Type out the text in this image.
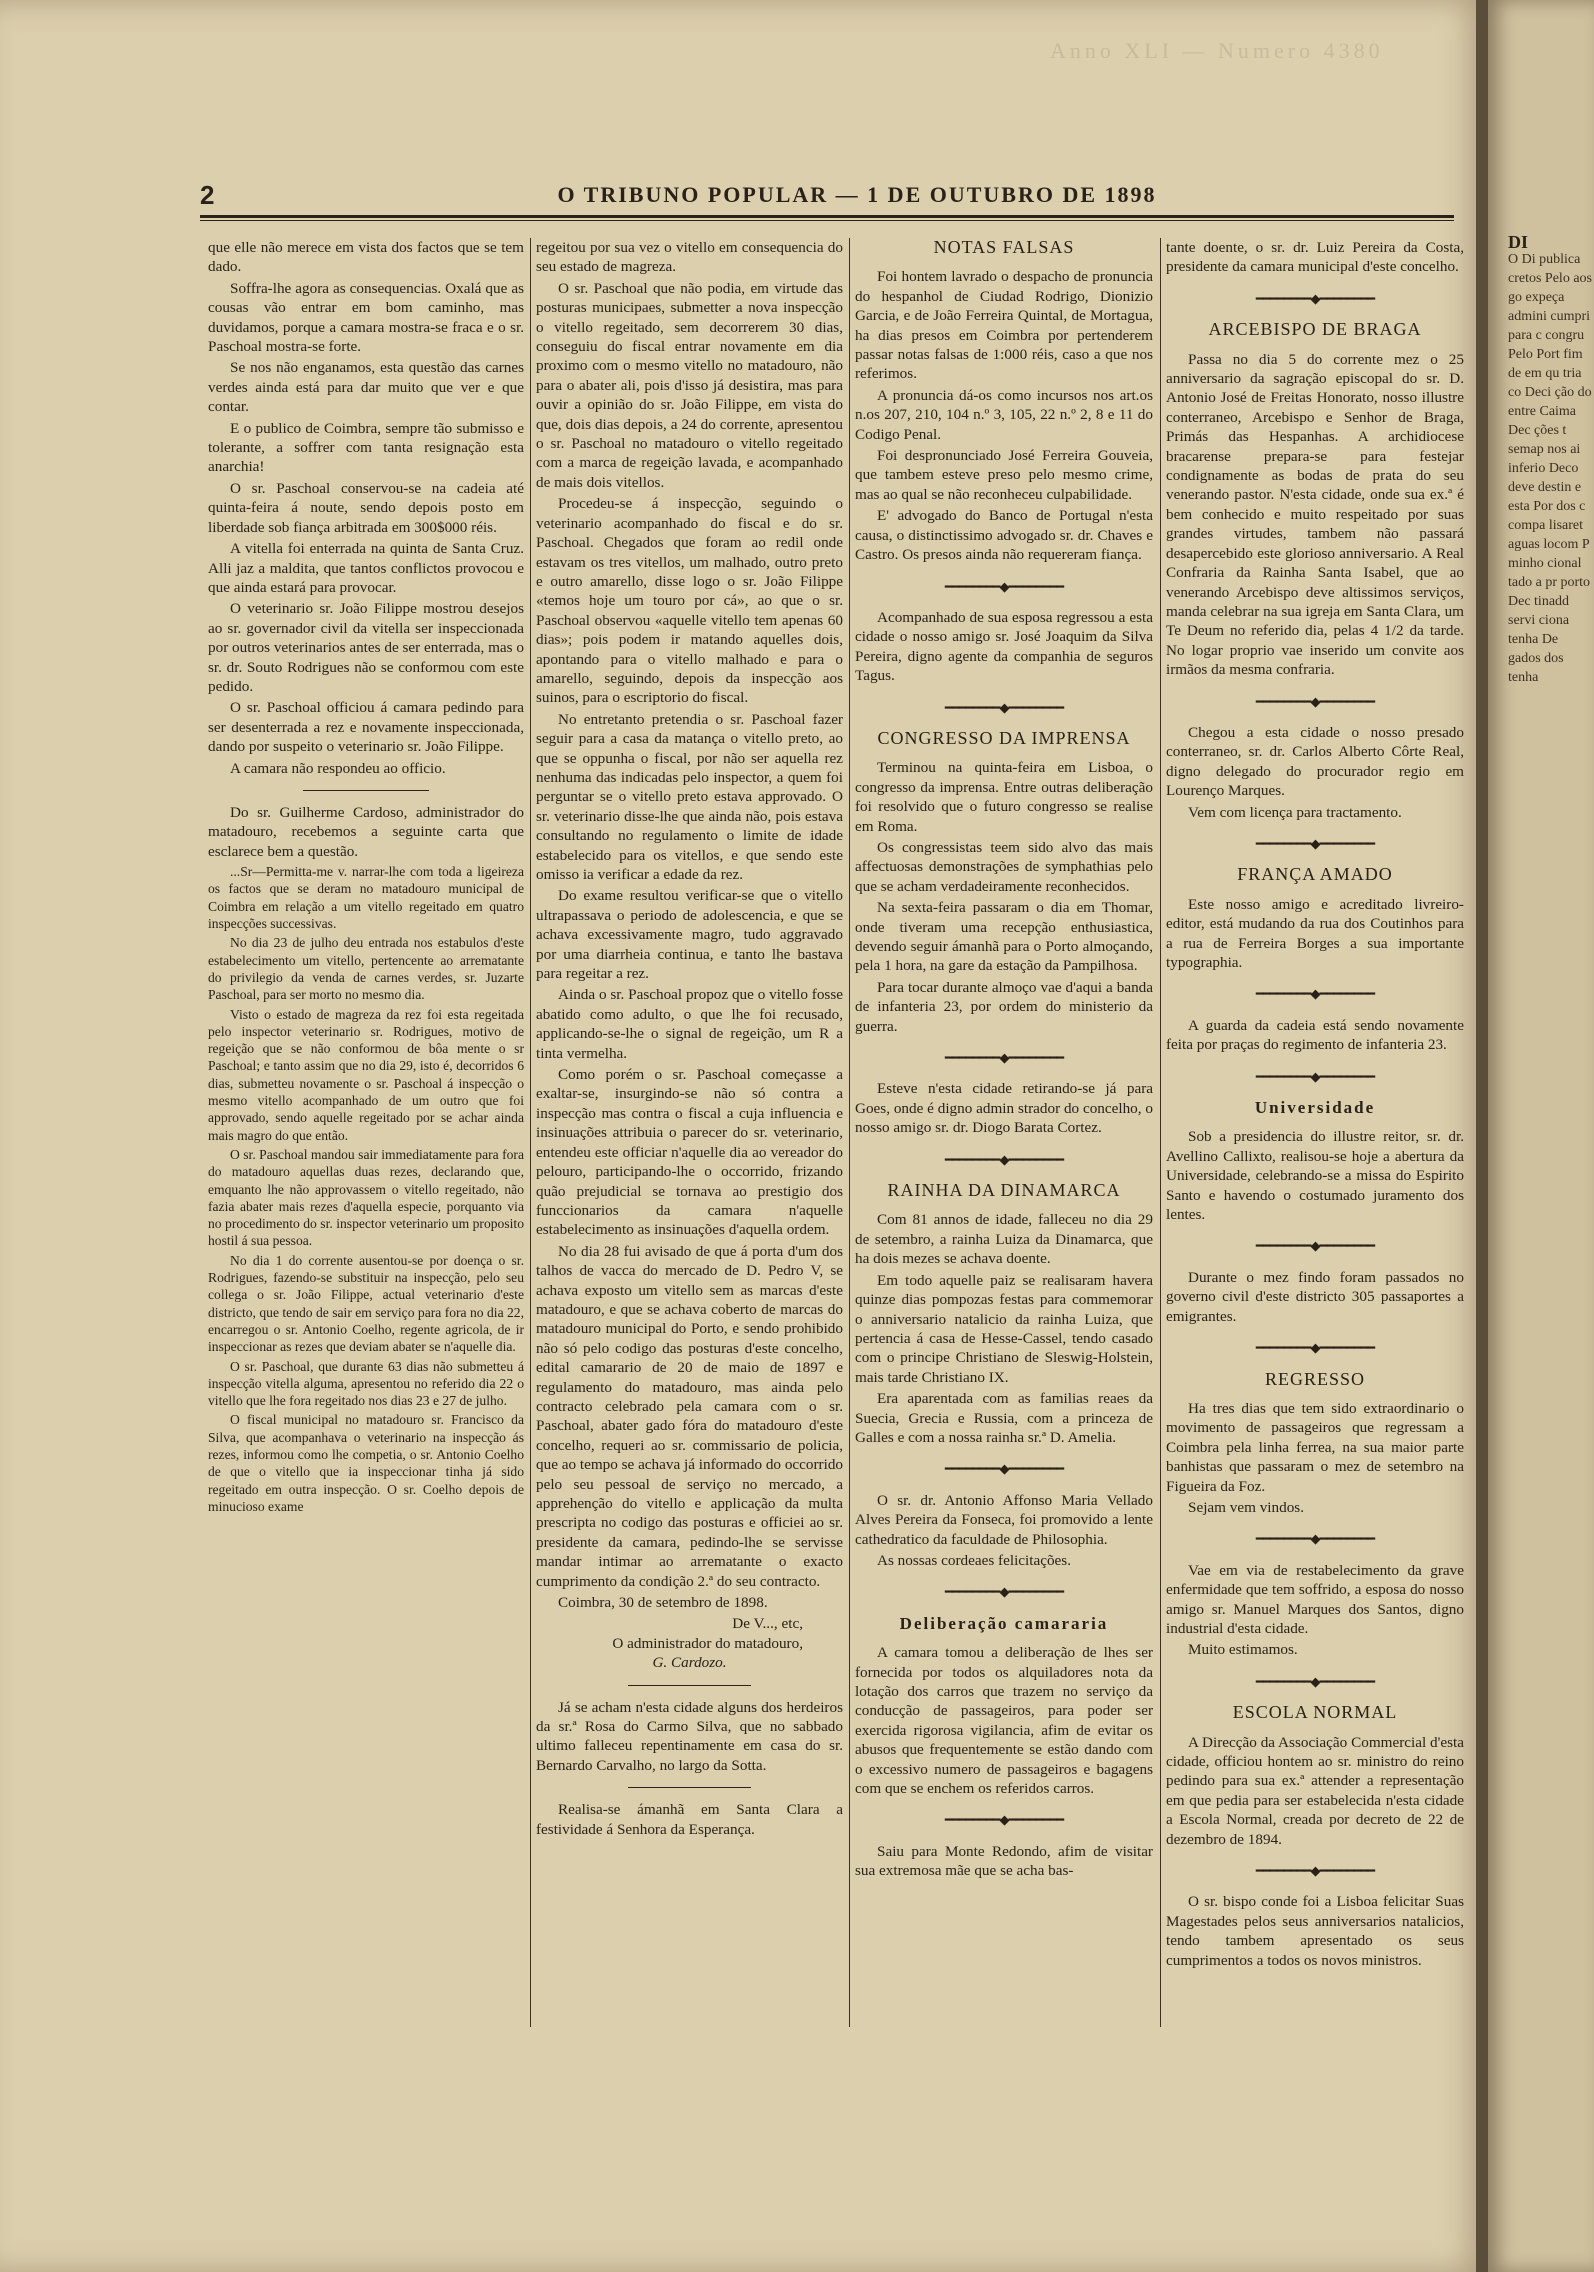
Anno XLI — Numero 4380
2	O TRIBUNO POPULAR — 1 DE OUTUBRO DE 1898

que elle não merece em vista dos factos que se tem dado.

Soffra-lhe agora as consequencias. Oxalá que as cousas vão entrar em bom caminho, mas duvidamos, porque a camara mostra-se fraca e o sr. Paschoal mostra-se forte.

Se nos não enganamos, esta questão das carnes verdes ainda está para dar muito que ver e que contar.

E o publico de Coimbra, sempre tão submisso e tolerante, a soffrer com tanta resignação esta anarchia!

O sr. Paschoal conservou-se na cadeia até quinta-feira á noute, sendo depois posto em liberdade sob fiança arbitrada em 300$000 réis.

A vitella foi enterrada na quinta de Santa Cruz. Alli jaz a maldita, que tantos conflictos provocou e que ainda estará para provocar.

O veterinario sr. João Filippe mostrou desejos ao sr. governador civil da vitella ser inspeccionada por outros veterinarios antes de ser enterrada, mas o sr. dr. Souto Rodrigues não se conformou com este pedido.

O sr. Paschoal officiou á camara pedindo para ser desenterrada a rez e novamente inspeccionada, dando por suspeito o veterinario sr. João Filippe.

A camara não respondeu ao officio.

Do sr. Guilherme Cardoso, administrador do matadouro, recebemos a seguinte carta que esclarece bem a questão.

...Sr—Permitta-me v. narrar-lhe com toda a ligeireza os factos que se deram no matadouro municipal de Coimbra em relação a um vitello regeitado em quatro inspecções successivas.

No dia 23 de julho deu entrada nos estabulos d'este estabelecimento um vitello, pertencente ao arrematante do privilegio da venda de carnes verdes, sr. Juzarte Paschoal, para ser morto no mesmo dia.

Visto o estado de magreza da rez foi esta regeitada pelo inspector veterinario sr. Rodrigues, motivo de regeição que se não conformou de bôa mente o sr Paschoal; e tanto assim que no dia 29, isto é, decorridos 6 dias, submetteu novamente o sr. Paschoal á inspecção o mesmo vitello acompanhado de um outro que foi approvado, sendo aquelle regeitado por se achar ainda mais magro do que então.

O sr. Paschoal mandou sair immediatamente para fora do matadouro aquellas duas rezes, declarando que, emquanto lhe não approvassem o vitello regeitado, não fazia abater mais rezes d'aquella especie, porquanto via no procedimento do sr. inspector veterinario um proposito hostil á sua pessoa.

No dia 1 do corrente ausentou-se por doença o sr. Rodrigues, fazendo-se substituir na inspecção, pelo seu collega o sr. João Filippe, actual veterinario d'este districto, que tendo de sair em serviço para fora no dia 22, encarregou o sr. Antonio Coelho, regente agricola, de ir inspeccionar as rezes que deviam abater se n'aquelle dia.

O sr. Paschoal, que durante 63 dias não submetteu á inspecção vitella alguma, apresentou no referido dia 22 o vitello que lhe fora regeitado nos dias 23 e 27 de julho.

O fiscal municipal no matadouro sr. Francisco da Silva, que acompanhava o veterinario na inspecção ás rezes, informou como lhe competia, o sr. Antonio Coelho de que o vitello que ia inspeccionar tinha já sido regeitado em outra inspecção. O sr. Coelho depois de minucioso exame

regeitou por sua vez o vitello em consequencia do seu estado de magreza.

O sr. Paschoal que não podia, em virtude das posturas municipaes, submetter a nova inspecção o vitello regeitado, sem decorrerem 30 dias, conseguiu do fiscal entrar novamente em dia proximo com o mesmo vitello no matadouro, não para o abater ali, pois d'isso já desistira, mas para ouvir a opinião do sr. João Filippe, em vista do que, dois dias depois, a 24 do corrente, apresentou o sr. Paschoal no matadouro o vitello regeitado com a marca de regeição lavada, e acompanhado de mais dois vitellos.

Procedeu-se á inspecção, seguindo o veterinario acompanhado do fiscal e do sr. Paschoal. Chegados que foram ao redil onde estavam os tres vitellos, um malhado, outro preto e outro amarello, disse logo o sr. João Filippe «temos hoje um touro por cá», ao que o sr. Paschoal observou «aquelle vitello tem apenas 60 dias»; pois podem ir matando aquelles dois, apontando para o vitello malhado e para o amarello, seguindo, depois da inspecção aos suinos, para o escriptorio do fiscal.

No entretanto pretendia o sr. Paschoal fazer seguir para a casa da matança o vitello preto, ao que se oppunha o fiscal, por não ser aquella rez nenhuma das indicadas pelo inspector, a quem foi perguntar se o vitello preto estava approvado. O sr. veterinario disse-lhe que ainda não, pois estava consultando no regulamento o limite de idade estabelecido para os vitellos, e que sendo este omisso ia verificar a edade da rez.

Do exame resultou verificar-se que o vitello ultrapassava o periodo de adolescencia, e que se achava excessivamente magro, tudo aggravado por uma diarrheia continua, e tanto lhe bastava para regeitar a rez.

Ainda o sr. Paschoal propoz que o vitello fosse abatido como adulto, o que lhe foi recusado, applicando-se-lhe o signal de regeição, um R a tinta vermelha.

Como porém o sr. Paschoal começasse a exaltar-se, insurgindo-se não só contra a inspecção mas contra o fiscal a cuja influencia e insinuações attribuia o parecer do sr. veterinario, entendeu este officiar n'aquelle dia ao vereador do pelouro, participando-lhe o occorrido, frizando quão prejudicial se tornava ao prestigio dos funccionarios da camara n'aquelle estabelecimento as insinuações d'aquella ordem.

No dia 28 fui avisado de que á porta d'um dos talhos de vacca do mercado de D. Pedro V, se achava exposto um vitello sem as marcas d'este matadouro, e que se achava coberto de marcas do matadouro municipal do Porto, e sendo prohibido não só pelo codigo das posturas d'este concelho, edital camarario de 20 de maio de 1897 e regulamento do matadouro, mas ainda pelo contracto celebrado pela camara com o sr. Paschoal, abater gado fóra do matadouro d'este concelho, requeri ao sr. commissario de policia, que ao tempo se achava já informado do occorrido pelo seu pessoal de serviço no mercado, a apprehenção do vitello e applicação da multa prescripta no codigo das posturas e officiei ao sr. presidente da camara, pedindo-lhe se servisse mandar intimar ao arrematante o exacto cumprimento da condição 2.ª do seu contracto.

Coimbra, 30 de setembro de 1898.

De V..., etc,
O administrador do matadouro,
G. Cardozo.

Já se acham n'esta cidade alguns dos herdeiros da sr.ª Rosa do Carmo Silva, que no sabbado ultimo falleceu repentinamente em casa do sr. Bernardo Carvalho, no largo da Sotta.

Realisa-se ámanhã em Santa Clara a festividade á Senhora da Esperança.

NOTAS FALSAS

Foi hontem lavrado o despacho de pronuncia do hespanhol de Ciudad Rodrigo, Dionizio Garcia, e de João Ferreira Quintal, de Mortagua, ha dias presos em Coimbra por pertenderem passar notas falsas de 1:000 réis, caso a que nos referimos.

A pronuncia dá-os como incursos nos art.os n.os 207, 210, 104 n.º 3, 105, 22 n.º 2, 8 e 11 do Codigo Penal.

Foi despronunciado José Ferreira Gouveia, que tambem esteve preso pelo mesmo crime, mas ao qual se não reconheceu culpabilidade.

E' advogado do Banco de Portugal n'esta causa, o distinctissimo advogado sr. dr. Chaves e Castro. Os presos ainda não requereram fiança.

━━━━━━━━◆━━━━━━━━

Acompanhado de sua esposa regressou a esta cidade o nosso amigo sr. José Joaquim da Silva Pereira, digno agente da companhia de seguros Tagus.

━━━━━━━━◆━━━━━━━━
CONGRESSO DA IMPRENSA

Terminou na quinta-feira em Lisboa, o congresso da imprensa. Entre outras deliberação foi resolvido que o futuro congresso se realise em Roma.

Os congressistas teem sido alvo das mais affectuosas demonstrações de symphathias pelo que se acham verdadeiramente reconhecidos.

Na sexta-feira passaram o dia em Thomar, onde tiveram uma recepção enthusiastica, devendo seguir ámanhã para o Porto almoçando, pela 1 hora, na gare da estação da Pampilhosa.

Para tocar durante almoço vae d'aqui a banda de infanteria 23, por ordem do ministerio da guerra.

━━━━━━━━◆━━━━━━━━

Esteve n'esta cidade retirando-se já para Goes, onde é digno admin strador do concelho, o nosso amigo sr. dr. Diogo Barata Cortez.

━━━━━━━━◆━━━━━━━━
RAINHA DA DINAMARCA

Com 81 annos de idade, falleceu no dia 29 de setembro, a rainha Luiza da Dinamarca, que ha dois mezes se achava doente.

Em todo aquelle paiz se realisaram havera quinze dias pompozas festas para commemorar o anniversario natalicio da rainha Luiza, que pertencia á casa de Hesse-Cassel, tendo casado com o principe Christiano de Sleswig-Holstein, mais tarde Christiano IX.

Era aparentada com as familias reaes da Suecia, Grecia e Russia, com a princeza de Galles e com a nossa rainha sr.ª D. Amelia.

━━━━━━━━◆━━━━━━━━

O sr. dr. Antonio Affonso Maria Vellado Alves Pereira da Fonseca, foi promovido a lente cathedratico da faculdade de Philosophia.

As nossas cordeaes felicitações.

━━━━━━━━◆━━━━━━━━
Deliberação camararia

A camara tomou a deliberação de lhes ser fornecida por todos os alquiladores nota da lotação dos carros que trazem no serviço da conducção de passageiros, para poder ser exercida rigorosa vigilancia, afim de evitar os abusos que frequentemente se estão dando com o excessivo numero de passageiros e bagagens com que se enchem os referidos carros.

━━━━━━━━◆━━━━━━━━

Saiu para Monte Redondo, afim de visitar sua extremosa mãe que se acha bas-

tante doente, o sr. dr. Luiz Pereira da Costa, presidente da camara municipal d'este concelho.

━━━━━━━━◆━━━━━━━━
ARCEBISPO DE BRAGA

Passa no dia 5 do corrente mez o 25 anniversario da sagração episcopal do sr. D. Antonio José de Freitas Honorato, nosso illustre conterraneo, Arcebispo e Senhor de Braga, Primás das Hespanhas. A archidiocese bracarense prepara-se para festejar condignamente as bodas de prata do seu venerando pastor. N'esta cidade, onde sua ex.ª é bem conhecido e muito respeitado por suas grandes virtudes, tambem não passará desapercebido este glorioso anniversario. A Real Confraria da Rainha Santa Isabel, que ao venerando Arcebispo deve altissimos serviços, manda celebrar na sua igreja em Santa Clara, um Te Deum no referido dia, pelas 4 1/2 da tarde. No logar proprio vae inserido um convite aos irmãos da mesma confraria.

━━━━━━━━◆━━━━━━━━

Chegou a esta cidade o nosso presado conterraneo, sr. dr. Carlos Alberto Côrte Real, digno delegado do procurador regio em Lourenço Marques.

Vem com licença para tractamento.

━━━━━━━━◆━━━━━━━━
FRANÇA AMADO

Este nosso amigo e acreditado livreiro-editor, está mudando da rua dos Coutinhos para a rua de Ferreira Borges a sua importante typographia.

━━━━━━━━◆━━━━━━━━

A guarda da cadeia está sendo novamente feita por praças do regimento de infanteria 23.

━━━━━━━━◆━━━━━━━━
Universidade

Sob a presidencia do illustre reitor, sr. dr. Avellino Callixto, realisou-se hoje a abertura da Universidade, celebrando-se a missa do Espirito Santo e havendo o costumado juramento dos lentes.

━━━━━━━━◆━━━━━━━━

Durante o mez findo foram passados no governo civil d'este districto 305 passaportes a emigrantes.

━━━━━━━━◆━━━━━━━━
REGRESSO

Ha tres dias que tem sido extraordinario o movimento de passageiros que regressam a Coimbra pela linha ferrea, na sua maior parte banhistas que passaram o mez de setembro na Figueira da Foz.

Sejam vem vindos.

━━━━━━━━◆━━━━━━━━

Vae em via de restabelecimento da grave enfermidade que tem soffrido, a esposa do nosso amigo sr. Manuel Marques dos Santos, digno industrial d'esta cidade.

Muito estimamos.

━━━━━━━━◆━━━━━━━━
ESCOLA NORMAL

A Direcção da Associação Commercial d'esta cidade, officiou hontem ao sr. ministro do reino pedindo para sua ex.ª attender a representação em que pedia para ser estabelecida n'esta cidade a Escola Normal, creada por decreto de 22 de dezembro de 1894.

━━━━━━━━◆━━━━━━━━

O sr. bispo conde foi a Lisboa felicitar Suas Magestades pelos seus anniversarios natalicios, tendo tambem apresentado os seus cumprimentos a todos os novos ministros.

DI
O Di publica cretos Pelo aos go expeça admini cumpri para c congru Pelo Port fim de em qu tria co Deci ção do entre Caima Dec ções t semap nos ai inferio Deco deve destin e esta Por dos c compa lisaret aguas locom P minho cional tado a pr porto Dec tinadd servi ciona tenha De gados dos tenha
